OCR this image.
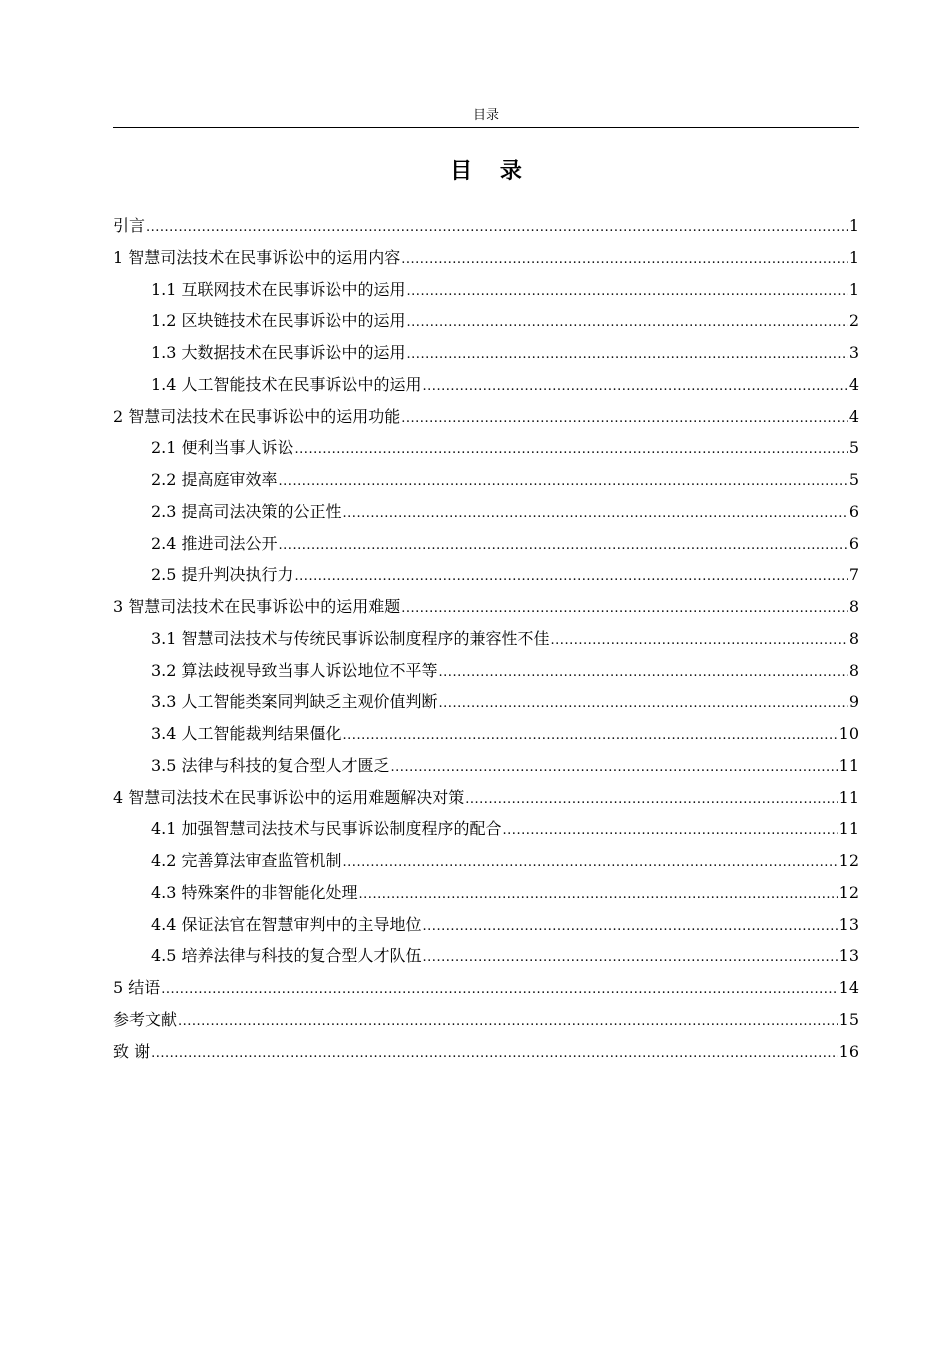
目录
目 录
引言 .....	1
1 智慧司法技术在民事诉讼中的运用内容 .....	1
1.1 互联网技术在民事诉讼中的运用 .....	1
1.2 区块链技术在民事诉讼中的运用 .....	2
1.3 大数据技术在民事诉讼中的运用 .....	3
1.4 人工智能技术在民事诉讼中的运用 .....	4
2 智慧司法技术在民事诉讼中的运用功能 .....	4
2.1 便利当事人诉讼 .....	5
2.2 提高庭审效率 .....	5
2.3 提高司法决策的公正性 .....	6
2.4 推进司法公开 .....	6
2.5 提升判决执行力 .....	7
3 智慧司法技术在民事诉讼中的运用难题 .....	8
3.1 智慧司法技术与传统民事诉讼制度程序的兼容性不佳 .....	8
3.2 算法歧视导致当事人诉讼地位不平等 .....	8
3.3 人工智能类案同判缺乏主观价值判断 .....	9
3.4 人工智能裁判结果僵化 .....	10
3.5 法律与科技的复合型人才匮乏 .....	11
4 智慧司法技术在民事诉讼中的运用难题解决对策 .....	11
4.1 加强智慧司法技术与民事诉讼制度程序的配合 .....	11
4.2 完善算法审查监管机制 .....	12
4.3 特殊案件的非智能化处理 .....	12
4.4 保证法官在智慧审判中的主导地位 .....	13
4.5 培养法律与科技的复合型人才队伍 .....	13
5 结语 .....	14
参考文献 .....	15
致 谢 .....	16
